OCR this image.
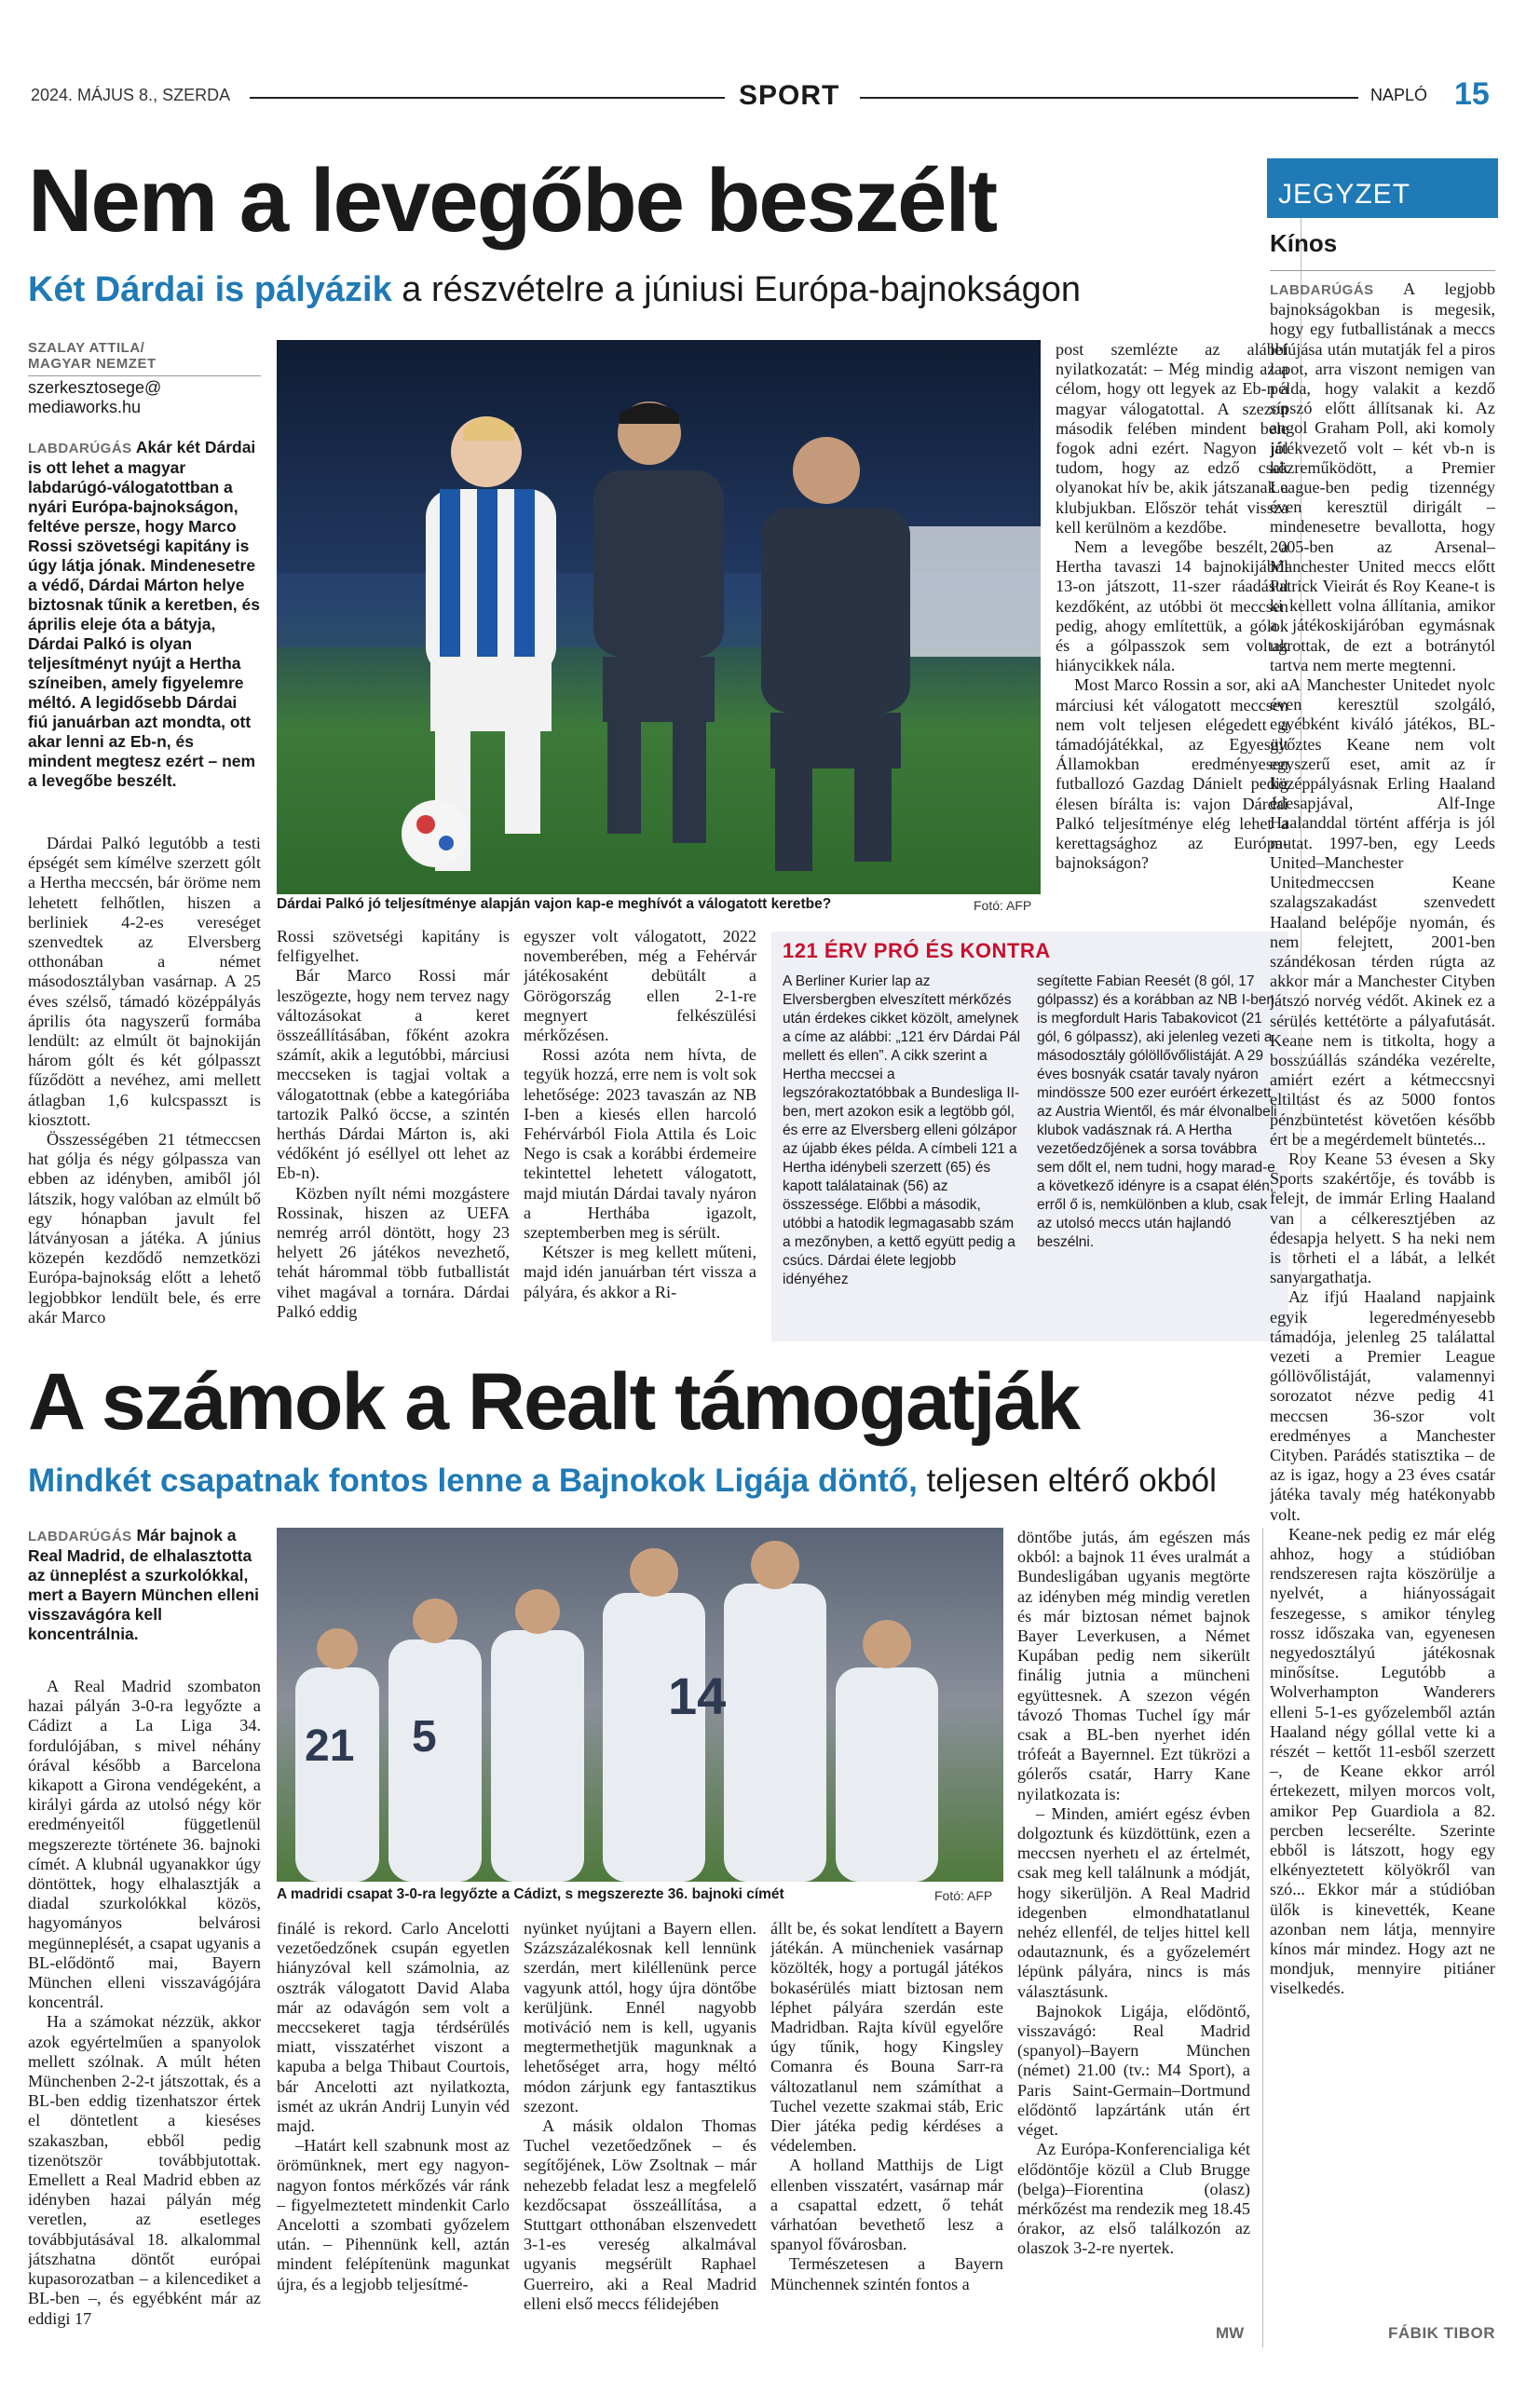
2024. MÁJUS 8., SZERDA	SPORT	NAPLÓ 15
Nem a levegőbe beszélt
Két Dárdai is pályázik a részvételre a júniusi Európa-bajnokságon
SZALAY ATTILA/
MAGYAR NEMZET
szerkesztosege@
mediaworks.hu

LABDARÚGÁS Akár két Dárdai is ott lehet a magyar labdarúgó-válogatottban a nyári Európa-bajnokságon, feltéve persze, hogy Marco Rossi szövetségi kapitány is úgy látja jónak. Mindenesetre a védő, Dárdai Márton helye biztosnak tűnik a keretben, és április eleje óta a bátyja, Dárdai Palkó is olyan teljesítményt nyújt a Hertha színeiben, amely figyelemre méltó. A legidősebb Dárdai fiú januárban azt mondta, ott akar lenni az Eb-n, és mindent megtesz ezért – nem a levegőbe beszélt.

Dárdai Palkó legutóbb a testi épségét sem kímélve szerzett gólt a Hertha meccsén, bár öröme nem lehetett felhőtlen, hiszen a berliniek 4-2-es vereséget szenvedtek az Elversberg otthonában a német másodosztályban vasárnap. A 25 éves szélső, támadó középpályás április óta nagyszerű formába lendült: az elmúlt öt bajnokiján három gólt és két gólpasszt fűződött a nevéhez, ami mellett átlagban 1,6 kulcspasszt is kiosztott.

Összességében 21 tétmeccsen hat gólja és négy gólpassza van ebben az idényben, amiből jól látszik, hogy valóban az elmúlt bő egy hónapban javult fel látványosan a játéka. A június közepén kezdődő nemzetközi Európa-bajnokság előtt a lehető legjobbkor lendült bele, és erre akár Marco

Dárdai Palkó jó teljesítménye alapján vajon kap-e meghívót a válogatott keretbe?	Fotó: AFP

Rossi szövetségi kapitány is felfigyelhet.

Bár Marco Rossi már leszögezte, hogy nem tervez nagy változásokat a keret összeállításában, főként azokra számít, akik a legutóbbi, márciusi meccseken is tagjai voltak a válogatottnak (ebbe a kategóriába tartozik Palkó öccse, a szintén herthás Dárdai Márton is, aki védőként jó eséllyel ott lehet az Eb-n).

Közben nyílt némi mozgástere Rossinak, hiszen az UEFA nemrég arról döntött, hogy 23 helyett 26 játékos nevezhető, tehát hárommal több futballistát vihet magával a tornára. Dárdai Palkó eddig

egyszer volt válogatott, 2022 novemberében, még a Fehérvár játékosaként debütált a Görögország ellen 2-1-re megnyert felkészülési mérkőzésen.

Rossi azóta nem hívta, de tegyük hozzá, erre nem is volt sok lehetősége: 2023 tavaszán az NB I-ben a kiesés ellen harcoló Fehérvárból Fiola Attila és Loic Nego is csak a korábbi érdemeire tekintettel lehetett válogatott, majd miután Dárdai tavaly nyáron a Herthába igazolt, szeptemberben meg is sérült.

Kétszer is meg kellett műteni, majd idén januárban tért vissza a pályára, és akkor a Ri-

post szemlézte az alábbi nyilatkozatát: – Még mindig az a célom, hogy ott legyek az Eb-n a magyar válogatottal. A szezon második felében mindent bele fogok adni ezért. Nagyon jól tudom, hogy az edző csak olyanokat hív be, akik játszanak a klubjukban. Először tehát vissza kell kerülnöm a kezdőbe.

Nem a levegőbe beszélt, a Hertha tavaszi 14 bajnokijából 13-on játszott, 11-szer ráadásul kezdőként, az utóbbi öt meccsen pedig, ahogy említettük, a gólok és a gólpasszok sem voltak hiánycikkek nála.

Most Marco Rossin a sor, aki a márciusi két válogatott meccsen nem volt teljesen elégedett a támadójátékkal, az Egyesült Államokban eredményesen futballozó Gazdag Dánielt pedig élesen bírálta is: vajon Dárdai Palkó teljesítménye elég lehet a kerettagsághoz az Európa-bajnokságon?

121 ÉRV PRÓ ÉS KONTRA

A Berliner Kurier lap az Elversbergben elveszített mérkőzés után érdekes cikket közölt, amelynek a címe az alábbi: „121 érv Dárdai Pál mellett és ellen”. A cikk szerint a Hertha meccsei a legszórakoztatóbbak a Bundesliga II-ben, mert azokon esik a legtöbb gól, és erre az Elversberg elleni gólzápor az újabb ékes példa. A címbeli 121 a Hertha idénybeli szerzett (65) és kapott találatainak (56) az összessége. Előbbi a második, utóbbi a hatodik legmagasabb szám a mezőnyben, a kettő együtt pedig a csúcs. Dárdai élete legjobb idényéhez

segítette Fabian Reesét (8 gól, 17 gólpassz) és a korábban az NB I-ben is megfordult Haris Tabakovicot (21 gól, 6 gólpassz), aki jelenleg vezeti a másodosztály gólöllővőlistáját. A 29 éves bosnyák csatár tavaly nyáron mindössze 500 ezer euróért érkezett az Austria Wientől, és már élvonalbeli klubok vadásznak rá. A Hertha vezetőedzőjének a sorsa továbbra sem dőlt el, nem tudni, hogy marad-e a következő idényre is a csapat élén, erről ő is, nemkülönben a klub, csak az utolsó meccs után hajlandó beszélni.

A számok a Realt támogatják
Mindkét csapatnak fontos lenne a Bajnokok Ligája döntő, teljesen eltérő okból

LABDARÚGÁS Már bajnok a Real Madrid, de elhalasztotta az ünneplést a szurkolókkal, mert a Bayern München elleni visszavágóra kell koncentrálnia.

A Real Madrid szombaton hazai pályán 3-0-ra legyőzte a Cádizt a La Liga 34. fordulójában, s mivel néhány órával később a Barcelona kikapott a Girona vendégeként, a királyi gárda az utolsó négy kör eredményeitől függetlenül megszerezte története 36. bajnoki címét. A klubnál ugyanakkor úgy döntöttek, hogy elhalasztják a diadal szurkolókkal közös, hagyományos belvárosi megünneplését, a csapat ugyanis a BL-elődöntő mai, Bayern München elleni visszavágójára koncentrál.

Ha a számokat nézzük, akkor azok egyértelműen a spanyolok mellett szólnak. A múlt héten Münchenben 2-2-t játszottak, és a BL-ben eddig tizenhatszor értek el döntetlent a kieséses szakaszban, ebből pedig tizenötször továbbjutottak. Emellett a Real Madrid ebben az idényben hazai pályán még veretlen, az esetleges továbbjutásával 18. alkalommal játszhatna döntőt európai kupasorozatban – a kilencediket a BL-ben –, és egyébként már az eddigi 17

21 5
14
A madridi csapat 3-0-ra legyőzte a Cádizt, s megszerezte 36. bajnoki címét	Fotó: AFP

finálé is rekord. Carlo Ancelotti vezetőedzőnek csupán egyetlen hiányzóval kell számolnia, az osztrák válogatott David Alaba már az odavágón sem volt a meccsekeret tagja térdsérülés miatt, visszatérhet viszont a kapuba a belga Thibaut Courtois, bár Ancelotti azt nyilatkozta, ismét az ukrán Andrij Lunyin véd majd.

–Határt kell szabnunk most az örömünknek, mert egy nagyon-nagyon fontos mérkőzés vár ránk – figyelmeztetett mindenkit Carlo Ancelotti a szombati győzelem után. – Pihennünk kell, aztán mindent felépítenünk magunkat újra, és a legjobb teljesítmé-

nyünket nyújtani a Bayern ellen. Százszázalékosnak kell lennünk szerdán, mert kiléllenünk perce vagyunk attól, hogy újra döntőbe kerüljünk. Ennél nagyobb motiváció nem is kell, ugyanis megtermethetjük magunknak a lehetőséget arra, hogy méltó módon zárjunk egy fantasztikus szezont.

A másik oldalon Thomas Tuchel vezetőedzőnek – és segítőjének, Löw Zsoltnak – már nehezebb feladat lesz a megfelelő kezdőcsapat összeállítása, a Stuttgart otthonában elszenvedett 3-1-es vereség alkalmával ugyanis megsérült Raphael Guerreiro, aki a Real Madrid elleni első meccs félidejében

állt be, és sokat lendített a Bayern játékán. A müncheniek vasárnap közölték, hogy a portugál játékos bokasérülés miatt biztosan nem léphet pályára szerdán este Madridban. Rajta kívül egyelőre úgy tűnik, hogy Kingsley Comanra és Bouna Sarr-ra változatlanul nem számíthat a Tuchel vezette szakmai stáb, Eric Dier játéka pedig kérdéses a védelemben.

A holland Matthijs de Ligt ellenben visszatért, vasárnap már a csapattal edzett, ő tehát várhatóan bevethető lesz a spanyol fővárosban.

Természetesen a Bayern Münchennek szintén fontos a

döntőbe jutás, ám egészen más okból: a bajnok 11 éves uralmát a Bundesligában ugyanis megtörte az idényben még mindig veretlen és már biztosan német bajnok Bayer Leverkusen, a Német Kupában pedig nem sikerült finálig jutnia a müncheni együttesnek. A szezon végén távozó Thomas Tuchel így már csak a BL-ben nyerhet idén trófeát a Bayernnel. Ezt tükrözi a gólerős csatár, Harry Kane nyilatkozata is:

– Minden, amiért egész évben dolgoztunk és küzdöttünk, ezen a meccsen nyerhetı el az értelmét, csak meg kell találnunk a módját, hogy sikerüljön. A Real Madrid idegenben elmondhatatlanul nehéz ellenfél, de teljes hittel kell odautaznunk, és a győzelemért lépünk pályára, nincs is más választásunk.

Bajnokok Ligája, elődöntő, visszavágó: Real Madrid (spanyol)–Bayern München (német) 21.00 (tv.: M4 Sport), a Paris Saint-Germain–Dortmund elődöntő lapzártánk után ért véget.

Az Európa-Konferencialiga két elődöntője közül a Club Brugge (belga)–Fiorentina (olasz) mérkőzést ma rendezik meg 18.45 órakor, az első találkozón az olaszok 3-2-re nyertek.

MW
JEGYZET
Kínos

LABDARÚGÁS A legjobb bajnokságokban is megesik, hogy egy futballistának a meccs lefújása után mutatják fel a piros lapot, arra viszont nemigen van példa, hogy valakit a kezdő sípszó előtt állítsanak ki. Az angol Graham Poll, aki komoly játékvezető volt – két vb-n is közreműködött, a Premier League-ben pedig tizennégy éven keresztül dirigált – mindenesetre bevallotta, hogy 2005-ben az Arsenal–Manchester United meccs előtt Patrick Vieirát és Roy Keane-t is ki kellett volna állítania, amikor a játékoskijáróban egymásnak ugrottak, de ezt a botránytól tartva nem merte megtenni.

A Manchester Unitedet nyolc éven keresztül szolgáló, egyébként kiváló játékos, BL-győztes Keane nem volt egyszerű eset, amit az ír középpályásnak Erling Haaland édesapjával, Alf-Inge Haalanddal történt afférja is jól mutat. 1997-ben, egy Leeds United–Manchester Unitedmeccsen Keane szalagszakadást szenvedett Haaland belépője nyomán, és nem felejtett, 2001-ben szándékosan térden rúgta az akkor már a Manchester Cityben játszó norvég védőt. Akinek ez a sérülés kettétörte a pályafutását. Keane nem is titkolta, hogy a bosszúállás szándéka vezérelte, amiért ezért a kétmeccsnyi eltiltást és az 5000 fontos pénzbüntetést követően később ért be a megérdemelt büntetés...

Roy Keane 53 évesen a Sky Sports szakértője, és tovább is felejt, de immár Erling Haaland van a célkeresztjében az édesapja helyett. S ha neki nem is törheti el a lábát, a lelkét sanyargathatja.

Az ifjú Haaland napjaink egyik legeredményesebb támadója, jelenleg 25 találattal vezeti a Premier League góllövőlistáját, valamennyi sorozatot nézve pedig 41 meccsen 36-szor volt eredményes a Manchester Cityben. Parádés statisztika – de az is igaz, hogy a 23 éves csatár játéka tavaly még hatékonyabb volt.

Keane-nek pedig ez már elég ahhoz, hogy a stúdióban rendszeresen rajta köszörülje a nyelvét, a hiányosságait feszegesse, s amikor tényleg rossz időszaka van, egyenesen negyedosztályú játékosnak minősítse. Legutóbb a Wolverhampton Wanderers elleni 5-1-es győzelemből aztán Haaland négy góllal vette ki a részét – kettőt 11-esből szerzett –, de Keane ekkor arról értekezett, milyen morcos volt, amikor Pep Guardiola a 82. percben lecserélte. Szerinte ebből is látszott, hogy egy elkényeztetett kölyökről van szó... Ekkor már a stúdióban ülők is kinevették, Keane azonban nem látja, mennyire kínos már mindez. Hogy azt ne mondjuk, mennyire pitiáner viselkedés.

FÁBIK TIBOR
